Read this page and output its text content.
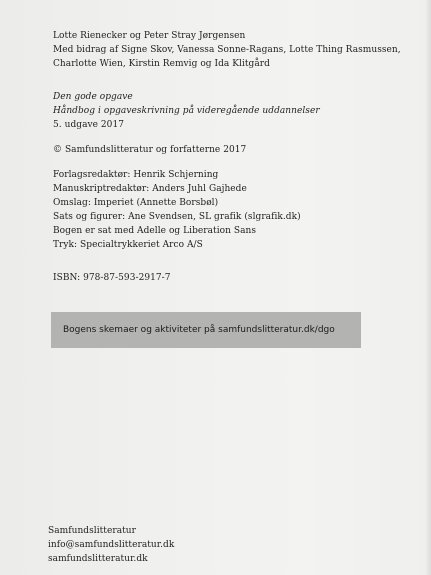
Lotte Rienecker og Peter Stray Jørgensen
Med bidrag af Signe Skov, Vanessa Sonne-Ragans, Lotte Thing Rasmussen,
Charlotte Wien, Kirstin Remvig og Ida Klitgård
Den gode opgave
Håndbog i opgaveskrivning på videregående uddannelser
5. udgave 2017
© Samfundslitteratur og forfatterne 2017
Forlagsredaktør: Henrik Schjerning
Manuskriptredaktør: Anders Juhl Gajhede
Omslag: Imperiet (Annette Borsbøl)
Sats og figurer: Ane Svendsen, SL grafik (slgrafik.dk)
Bogen er sat med Adelle og Liberation Sans
Tryk: Specialtrykkeriet Arco A/S
ISBN: 978-87-593-2917-7
Bogens skemaer og aktiviteter på samfundslitteratur.dk/dgo
Samfundslitteratur
info@samfundslitteratur.dk
samfundslitteratur.dk
